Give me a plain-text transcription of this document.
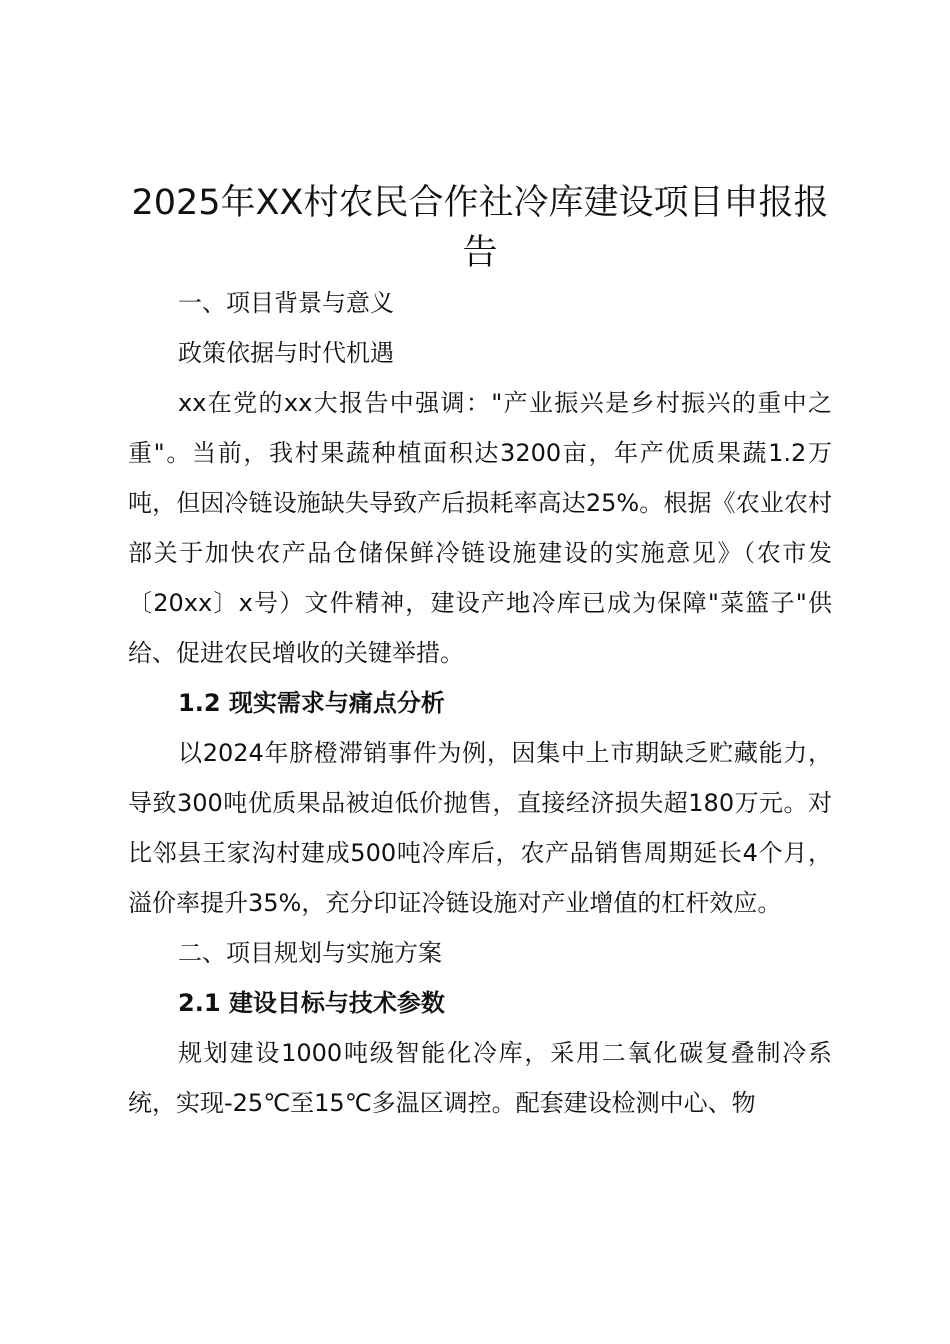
2025年XX村农民合作社冷库建设项目申报报告

一、项目背景与意义

政策依据与时代机遇

xx在党的xx大报告中强调："产业振兴是乡村振兴的重中之重"。当前，我村果蔬种植面积达3200亩，年产优质果蔬1.2万吨，但因冷链设施缺失导致产后损耗率高达25%。根据《农业农村部关于加快农产品仓储保鲜冷链设施建设的实施意见》（农市发〔20xx〕x号）文件精神，建设产地冷库已成为保障"菜篮子"供给、促进农民增收的关键举措。

1.2 现实需求与痛点分析

以2024年脐橙滞销事件为例，因集中上市期缺乏贮藏能力，导致300吨优质果品被迫低价抛售，直接经济损失超180万元。对比邻县王家沟村建成500吨冷库后，农产品销售周期延长4个月，溢价率提升35%，充分印证冷链设施对产业增值的杠杆效应。

二、项目规划与实施方案

2.1 建设目标与技术参数

规划建设1000吨级智能化冷库，采用二氧化碳复叠制冷系统，实现-25℃至15℃多温区调控。配套建设检测中心、物
